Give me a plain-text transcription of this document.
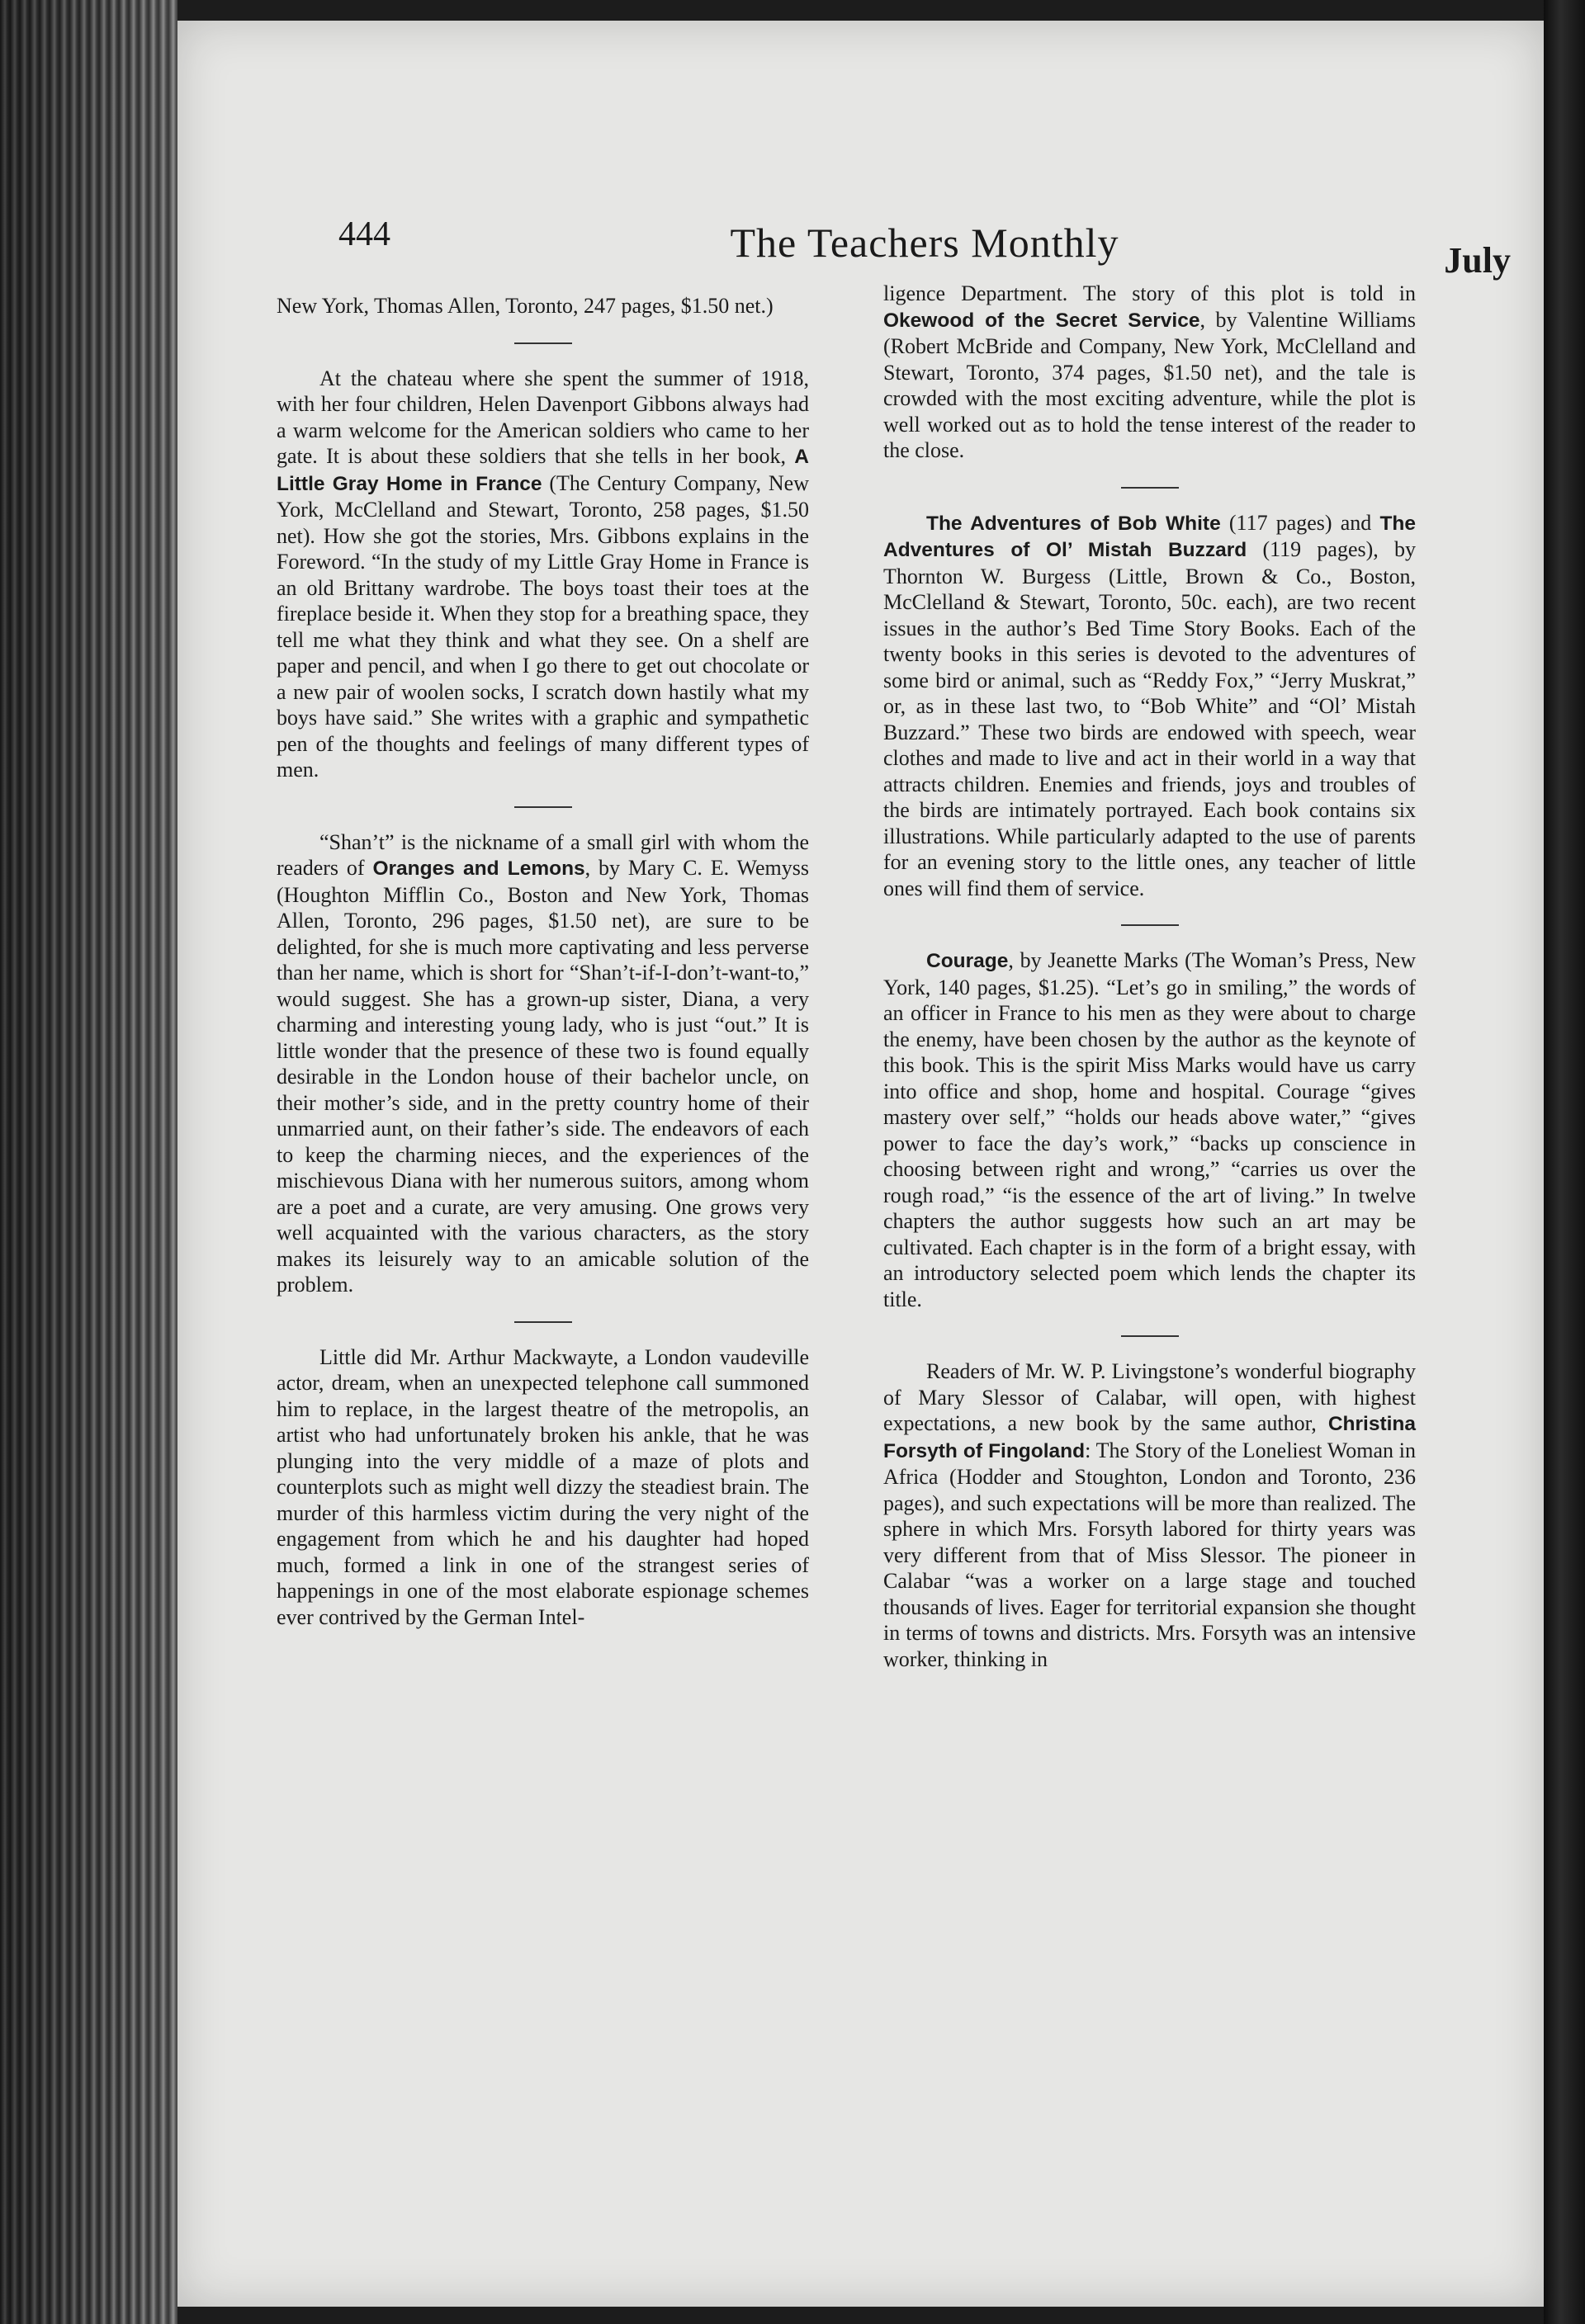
444	The Teachers Monthly	July

New York, Thomas Allen, Toronto, 247 pages, $1.50 net.)

At the chateau where she spent the summer of 1918, with her four children, Helen Davenport Gibbons always had a warm welcome for the American soldiers who came to her gate. It is about these soldiers that she tells in her book, A Little Gray Home in France (The Century Company, New York, McClelland and Stewart, Toronto, 258 pages, $1.50 net). How she got the stories, Mrs. Gibbons explains in the Foreword. “In the study of my Little Gray Home in France is an old Brittany wardrobe. The boys toast their toes at the fireplace beside it. When they stop for a breathing space, they tell me what they think and what they see. On a shelf are paper and pencil, and when I go there to get out chocolate or a new pair of woolen socks, I scratch down hastily what my boys have said.” She writes with a graphic and sympathetic pen of the thoughts and feelings of many different types of men.

“Shan’t” is the nickname of a small girl with whom the readers of Oranges and Lemons, by Mary C. E. Wemyss (Houghton Mifflin Co., Boston and New York, Thomas Allen, Toronto, 296 pages, $1.50 net), are sure to be delighted, for she is much more captivating and less perverse than her name, which is short for “Shan’t-if-I-don’t-want-to,” would suggest. She has a grown-up sister, Diana, a very charming and interesting young lady, who is just “out.” It is little wonder that the presence of these two is found equally desirable in the London house of their bachelor uncle, on their mother’s side, and in the pretty country home of their unmarried aunt, on their father’s side. The endeavors of each to keep the charming nieces, and the experiences of the mischievous Diana with her numerous suitors, among whom are a poet and a curate, are very amusing. One grows very well acquainted with the various characters, as the story makes its leisurely way to an amicable solution of the problem.

Little did Mr. Arthur Mackwayte, a London vaudeville actor, dream, when an unexpected telephone call summoned him to replace, in the largest theatre of the metropolis, an artist who had unfortunately broken his ankle, that he was plunging into the very middle of a maze of plots and counterplots such as might well dizzy the steadiest brain. The murder of this harmless victim during the very night of the engagement from which he and his daughter had hoped much, formed a link in one of the strangest series of happenings in one of the most elaborate espionage schemes ever contrived by the German Intel-

ligence Department. The story of this plot is told in Okewood of the Secret Service, by Valentine Williams (Robert McBride and Company, New York, McClelland and Stewart, Toronto, 374 pages, $1.50 net), and the tale is crowded with the most exciting adventure, while the plot is well worked out as to hold the tense interest of the reader to the close.

The Adventures of Bob White (117 pages) and The Adventures of Ol’ Mistah Buzzard (119 pages), by Thornton W. Burgess (Little, Brown & Co., Boston, McClelland & Stewart, Toronto, 50c. each), are two recent issues in the author’s Bed Time Story Books. Each of the twenty books in this series is devoted to the adventures of some bird or animal, such as “Reddy Fox,” “Jerry Muskrat,” or, as in these last two, to “Bob White” and “Ol’ Mistah Buzzard.” These two birds are endowed with speech, wear clothes and made to live and act in their world in a way that attracts children. Enemies and friends, joys and troubles of the birds are intimately portrayed. Each book contains six illustrations. While particularly adapted to the use of parents for an evening story to the little ones, any teacher of little ones will find them of service.

Courage, by Jeanette Marks (The Woman’s Press, New York, 140 pages, $1.25). “Let’s go in smiling,” the words of an officer in France to his men as they were about to charge the enemy, have been chosen by the author as the keynote of this book. This is the spirit Miss Marks would have us carry into office and shop, home and hospital. Courage “gives mastery over self,” “holds our heads above water,” “gives power to face the day’s work,” “backs up conscience in choosing between right and wrong,” “carries us over the rough road,” “is the essence of the art of living.” In twelve chapters the author suggests how such an art may be cultivated. Each chapter is in the form of a bright essay, with an introductory selected poem which lends the chapter its title.

Readers of Mr. W. P. Livingstone’s wonderful biography of Mary Slessor of Calabar, will open, with highest expectations, a new book by the same author, Christina Forsyth of Fingoland: The Story of the Loneliest Woman in Africa (Hodder and Stoughton, London and Toronto, 236 pages), and such expectations will be more than realized. The sphere in which Mrs. Forsyth labored for thirty years was very different from that of Miss Slessor. The pioneer in Calabar “was a worker on a large stage and touched thousands of lives. Eager for territorial expansion she thought in terms of towns and districts. Mrs. Forsyth was an intensive worker, thinking in
